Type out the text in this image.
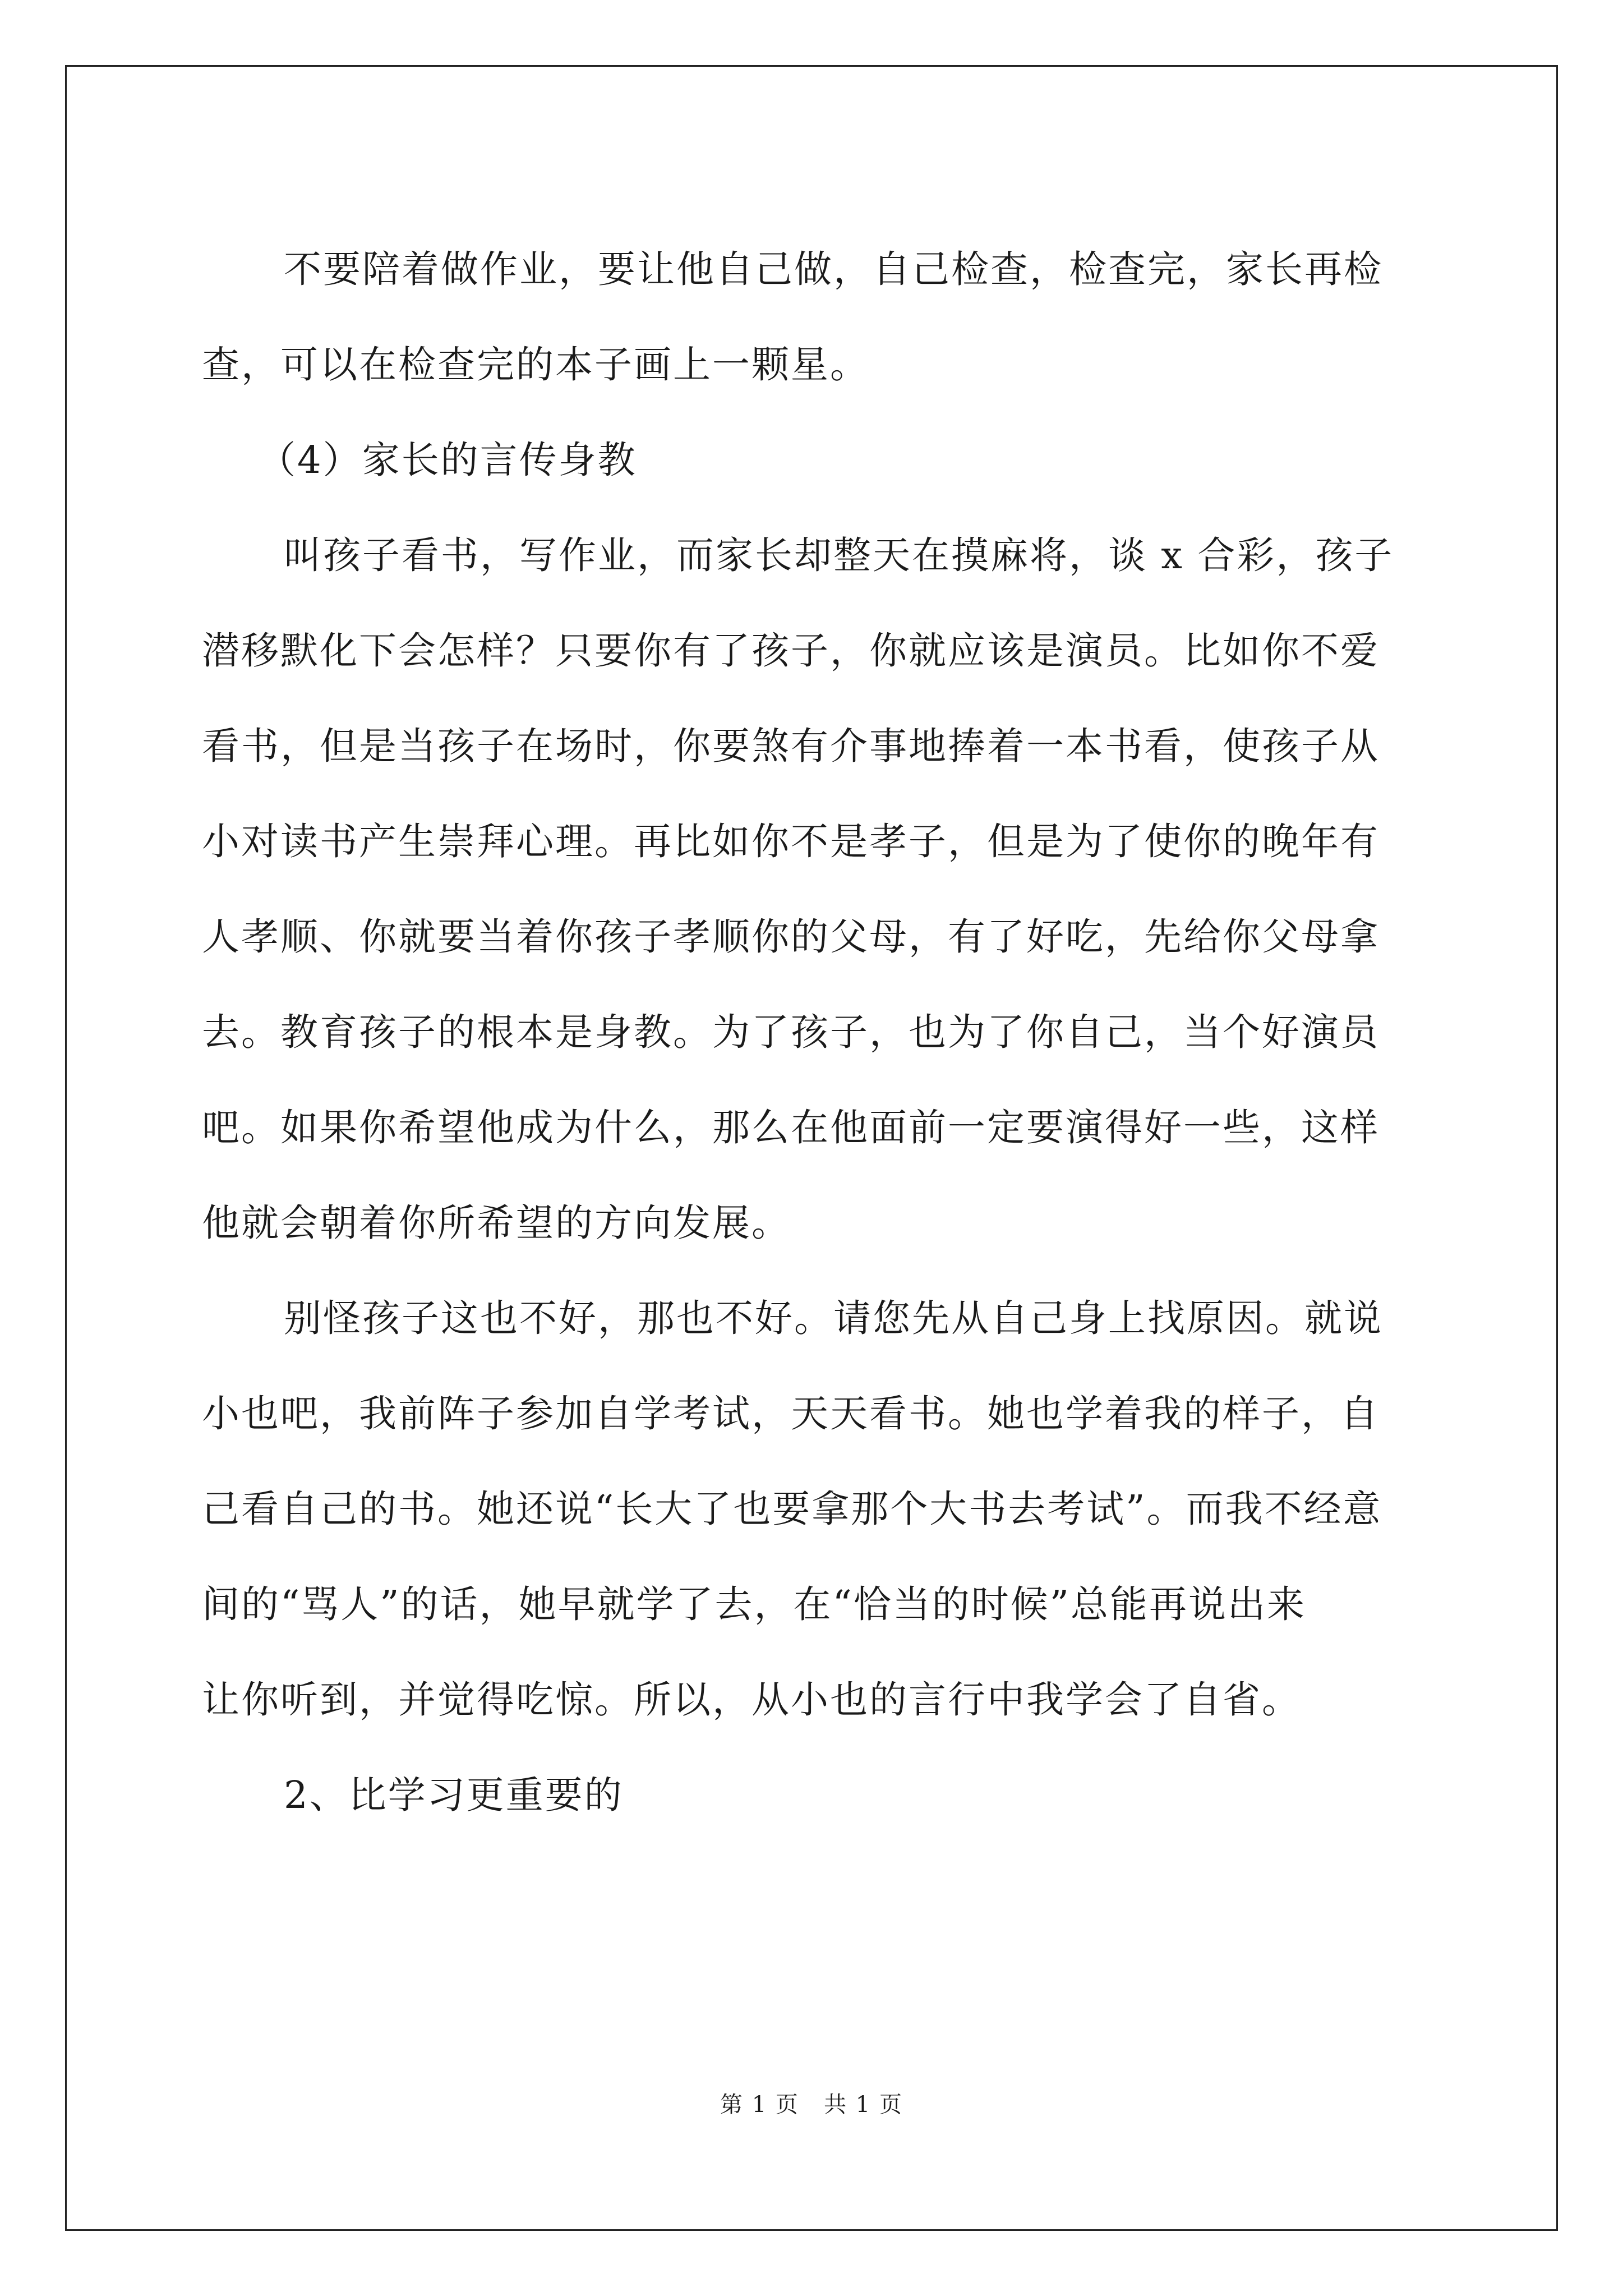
不要陪着做作业，要让他自己做，自己检查，检查完，家长再检
查，可以在检查完的本子画上一颗星。
（4）家长的言传身教
叫孩子看书，写作业，而家长却整天在摸麻将，谈 x 合彩，孩子
潜移默化下会怎样？只要你有了孩子，你就应该是演员。比如你不爱
看书，但是当孩子在场时，你要煞有介事地捧着一本书看，使孩子从
小对读书产生崇拜心理。再比如你不是孝子，但是为了使你的晚年有
人孝顺、你就要当着你孩子孝顺你的父母，有了好吃，先给你父母拿
去。教育孩子的根本是身教。为了孩子，也为了你自己，当个好演员
吧。如果你希望他成为什么，那么在他面前一定要演得好一些，这样
他就会朝着你所希望的方向发展。
别怪孩子这也不好，那也不好。请您先从自己身上找原因。就说
小也吧，我前阵子参加自学考试，天天看书。她也学着我的样子，自
己看自己的书。她还说“长大了也要拿那个大书去考试”。而我不经意
间的“骂人”的话，她早就学了去，在“恰当的时候”总能再说出来
让你听到，并觉得吃惊。所以，从小也的言行中我学会了自省。
2、比学习更重要的
第 1 页 共 1 页
